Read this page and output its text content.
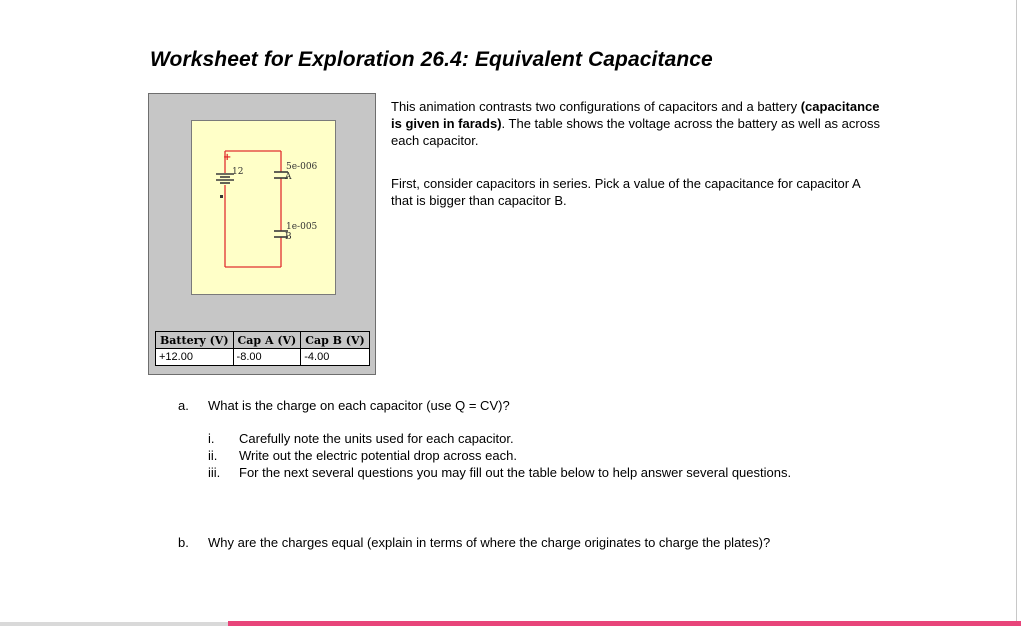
Worksheet for Exploration 26.4: Equivalent Capacitance
+
12	5e-006
A
1e-005
B
Battery (V)	Cap A (V)	Cap B (V)
+12.00	-8.00	-4.00
This animation contrasts two configurations of capacitors and a battery (capacitance is given in farads). The table shows the voltage across the battery as well as across each capacitor.
First, consider capacitors in series. Pick a value of the capacitance for capacitor A that is bigger than capacitor B.
a. What is the charge on each capacitor (use Q = CV)?
i. Carefully note the units used for each capacitor.
ii. Write out the electric potential drop across each.
iii. For the next several questions you may fill out the table below to help answer several questions.
b. Why are the charges equal (explain in terms of where the charge originates to charge the plates)?
